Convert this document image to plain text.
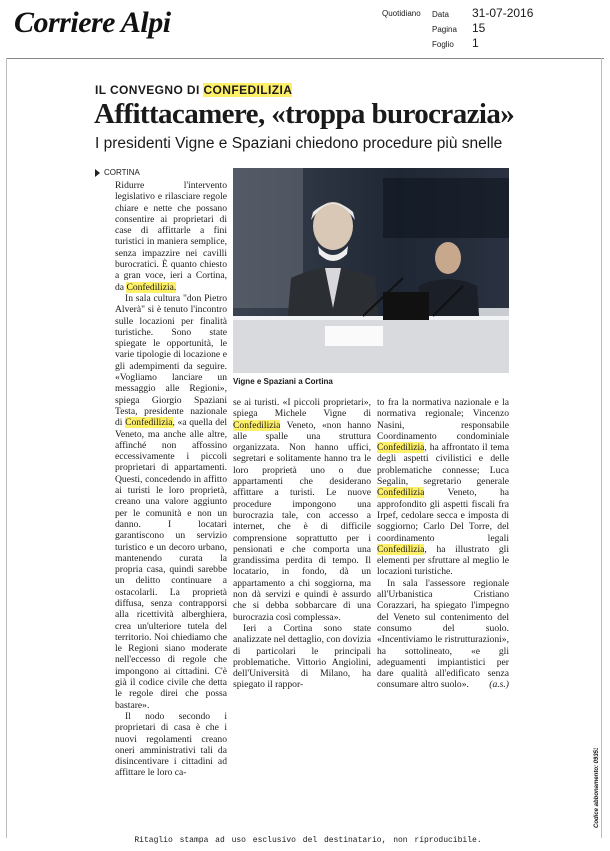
Corriere Alpi	Quotidiano Data 31-07-2016
Pagina 15
Foglio 1
IL CONVEGNO DI CONFEDILIZIA
Affittacamere, «troppa burocrazia»
I presidenti Vigne e Spaziani chiedono procedure più snelle
CORTINA

Ridurre l'intervento legislativo e rilasciare regole chiare e nette che possano consentire ai proprietari di case di affittarle a fini turistici in maniera semplice, senza impazzire nei cavilli burocratici. È quanto chiesto a gran voce, ieri a Cortina, da Confedilizia.

In sala cultura "don Pietro Alverà" si è tenuto l'incontro sulle locazioni per finalità turistiche. Sono state spiegate le opportunità, le varie tipologie di locazione e gli adempimenti da seguire. «Vogliamo lanciare un messaggio alle Regioni», spiega Giorgio Spaziani Testa, presidente nazionale di Confedilizia, «a quella del Veneto, ma anche alle altre, affinché non affossino eccessivamente i piccoli proprietari di appartamenti. Questi, concedendo in affitto ai turisti le loro proprietà, creano una valore aggiunto per le comunità e non un danno. I locatari garantiscono un servizio turistico e un decoro urbano, mantenendo curata la propria casa, quindi sarebbe un delitto continuare a ostacolarli. La proprietà diffusa, senza contrapporsi alla ricettività alberghiera, crea un'ulteriore tutela del territorio. Noi chiediamo che le Regioni siano moderate nell'eccesso di regole che impongono ai cittadini. C'è già il codice civile che detta le regole direi che possa bastare».

Il nodo secondo i proprietari di casa è che i nuovi regolamenti creano oneri amministrativi tali da disincentivare i cittadini ad affittare le loro ca-

se ai turisti. «I piccoli proprietari», spiega Michele Vigne di Confedilizia Veneto, «non hanno alle spalle una struttura organizzata. Non hanno uffici, segretari e solitamente hanno tra le loro proprietà uno o due appartamenti che desiderano affittare a turisti. Le nuove procedure impongono una burocrazia tale, con accesso a internet, che è di difficile comprensione soprattutto per i pensionati e che comporta una grandissima perdita di tempo. Il locatario, in fondo, dà un appartamento a chi soggiorna, ma non dà servizi e quindi è assurdo che si debba sobbarcare di una burocrazia così complessa».

Ieri a Cortina sono state analizzate nel dettaglio, con dovizia di particolari le principali problematiche. Vittorio Angiolini, dell'Università di Milano, ha spiegato il rappor-

to fra la normativa nazionale e la normativa regionale; Vincenzo Nasini, responsabile Coordinamento condominiale Confedilizia, ha affrontato il tema degli aspetti civilistici e delle problematiche connesse; Luca Segalin, segretario generale Confedilizia Veneto, ha approfondito gli aspetti fiscali fra Irpef, cedolare secca e imposta di soggiorno; Carlo Del Torre, del coordinamento legali Confedilizia, ha illustrato gli elementi per sfruttare al meglio le locazioni turistiche.

In sala l'assessore regionale all'Urbanistica Cristiano Corazzari, ha spiegato l'impegno del Veneto sul contenimento del consumo del suolo. «Incentiviamo le ristrutturazioni», ha sottolineato, «e gli adeguamenti impiantistici per dare qualità all'edificato senza consumare altro suolo».	(a.s.)

Vigne e Spaziani a Cortina
Codice abbonamento: 093531
Ritaglio stampa ad uso esclusivo del destinatario, non riproducibile.
